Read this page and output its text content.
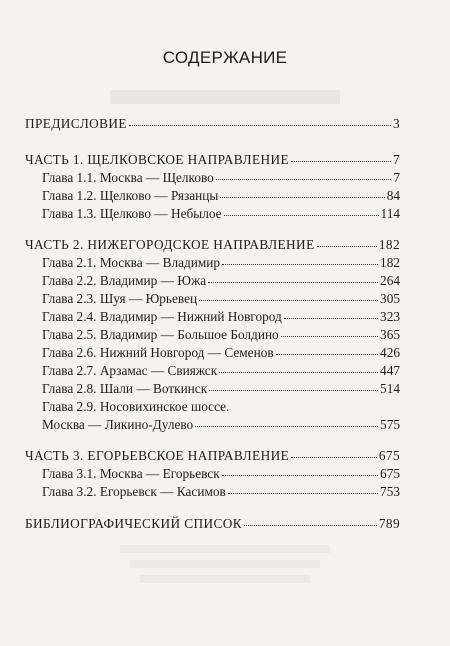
СОДЕРЖАНИЕ
ПРЕДИСЛОВИЕ	3
ЧАСТЬ 1. ЩЕЛКОВСКОЕ НАПРАВЛЕНИЕ	7
Глава 1.1. Москва — Щелково	7
Глава 1.2. Щелково — Рязанцы	84
Глава 1.3. Щелково — Небылое	114
ЧАСТЬ 2. НИЖЕГОРОДСКОЕ НАПРАВЛЕНИЕ	182
Глава 2.1. Москва — Владимир	182
Глава 2.2. Владимир — Южа	264
Глава 2.3. Шуя — Юрьевец	305
Глава 2.4. Владимир — Нижний Новгород	323
Глава 2.5. Владимир — Большое Болдино	365
Глава 2.6. Нижний Новгород — Семенов	426
Глава 2.7. Арзамас — Свияжск	447
Глава 2.8. Шали — Воткинск	514
Глава 2.9. Носовихинское шоссе.
Москва — Ликино-Дулево	575
ЧАСТЬ 3. ЕГОРЬЕВСКОЕ НАПРАВЛЕНИЕ	675
Глава 3.1. Москва — Егорьевск	675
Глава 3.2. Егорьевск — Касимов	753
БИБЛИОГРАФИЧЕСКИЙ СПИСОК	789
